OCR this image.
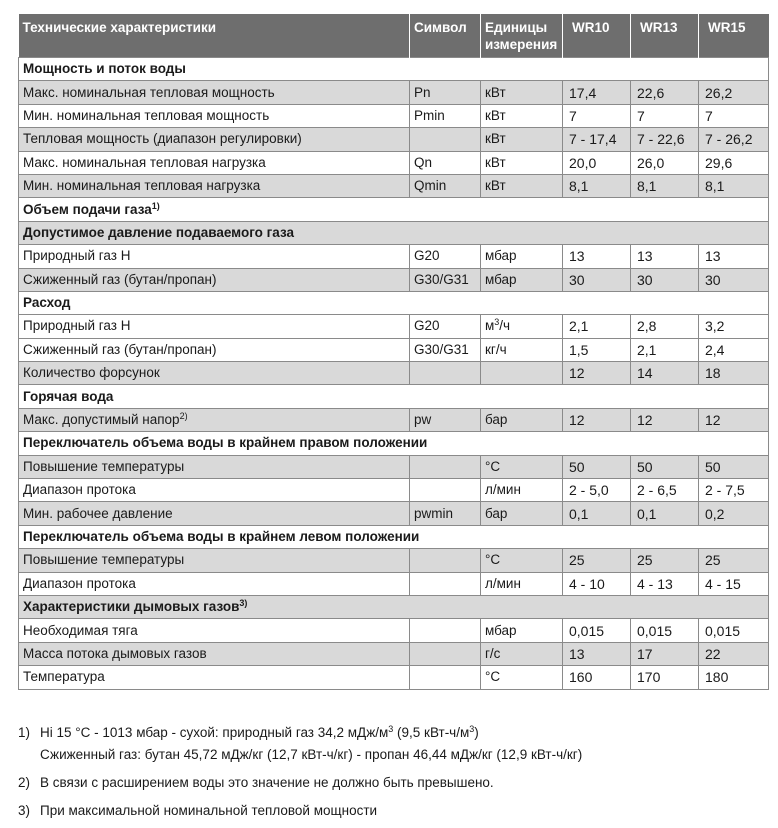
Технические характеристики	Символ	Единицы измерения	WR10	WR13	WR15
Мощность и поток воды					
Макс. номинальная тепловая мощность	Pn	кВт	17,4	22,6	26,2
Мин. номинальная тепловая мощность	Pmin	кВт	7	7	7
Тепловая мощность (диапазон регулировки)		кВт	7 - 17,4	7 - 22,6	7 - 26,2
Макс. номинальная тепловая нагрузка	Qn	кВт	20,0	26,0	29,6
Мин. номинальная тепловая нагрузка	Qmin	кВт	8,1	8,1	8,1
Объем подачи газа$^{1)}$
Допустимое давление подаваемого газа					
Природный газ Н	G20	мбар	13	13	13
Сжиженный газ (бутан/пропан)	G30/G31	мбар	30	30	30
Расход					
Природный газ Н	G20	$м^3/ч$	2,1	2,8	3,2
Сжиженный газ (бутан/пропан)	G30/G31	кг/ч	1,5	2,1	2,4
Количество форсунок			12	14	18
Горячая вода					
Макс. допустимый напор$^{2)}$	pw	бар	12	12	12
Переключатель объема воды в крайнем правом положении					
Повышение температуры		°C	50	50	50
Диапазон протока		л/мин	2 - 5,0	2 - 6,5	2 - 7,5
Мин. рабочее давление	pwmin	бар	0,1	0,1	0,2
Переключатель объема воды в крайнем левом положении					
Повышение температуры		°C	25	25	25
Диапазон протока		л/мин	4 - 10	4 - 13	4 - 15
Характеристики дымовых газов$^{3)}$
Необходимая тяга		мбар	0,015	0,015	0,015
Масса потока дымовых газов		г/с	13	17	22
Температура		°C	160	170	180
1) Hi 15 °C - 1013 мбар - сухой: природный газ 34,2 мДж/$м^3$ (9,5 кВт-$ч/м^3$)
Сжиженный газ: бутан 45,72 мДж/кг (12,7 кВт-ч/кг) - пропан 46,44 мДж/кг (12,9 кВт-ч/кг)
2) В связи с расширением воды это значение не должно быть превышено.
3) При максимальной номинальной тепловой мощности
